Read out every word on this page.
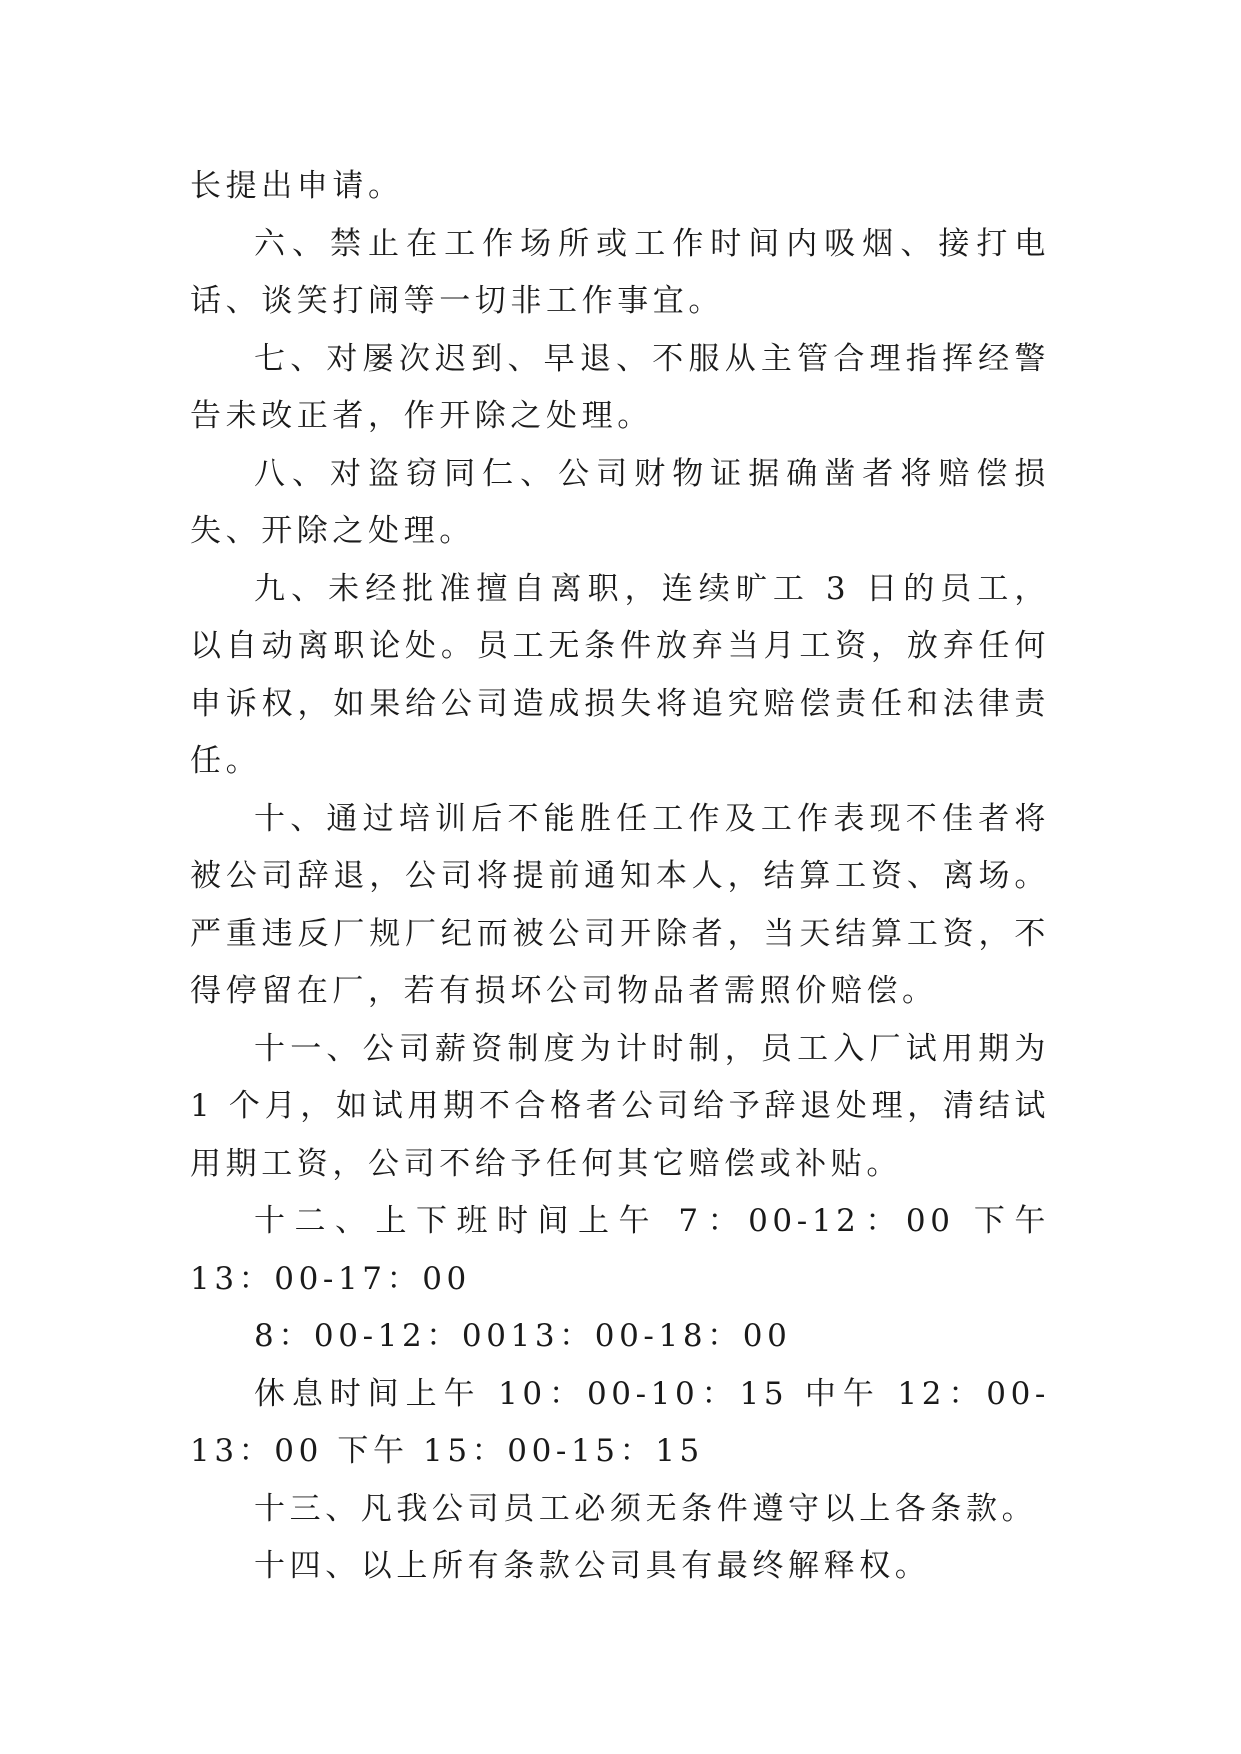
长提出申请。

六、禁止在工作场所或工作时间内吸烟、接打电话、谈笑打闹等一切非工作事宜。

七、对屡次迟到、早退、不服从主管合理指挥经警告未改正者，作开除之处理。

八、对盗窃同仁、公司财物证据确凿者将赔偿损失、开除之处理。

九、未经批准擅自离职，连续旷工 3 日的员工，以自动离职论处。员工无条件放弃当月工资，放弃任何申诉权，如果给公司造成损失将追究赔偿责任和法律责任。

十、通过培训后不能胜任工作及工作表现不佳者将被公司辞退，公司将提前通知本人，结算工资、离场。严重违反厂规厂纪而被公司开除者，当天结算工资，不得停留在厂，若有损坏公司物品者需照价赔偿。

十一、公司薪资制度为计时制，员工入厂试用期为 1 个月，如试用期不合格者公司给予辞退处理，清结试用期工资，公司不给予任何其它赔偿或补贴。

十二、上下班时间上午 7：00-12：00 下午 13：00-17：00

8：00-12：0013：00-18：00

休息时间上午 10：00-10：15 中午 12：00-13：00 下午 15：00-15：15

十三、凡我公司员工必须无条件遵守以上各条款。

十四、以上所有条款公司具有最终解释权。
